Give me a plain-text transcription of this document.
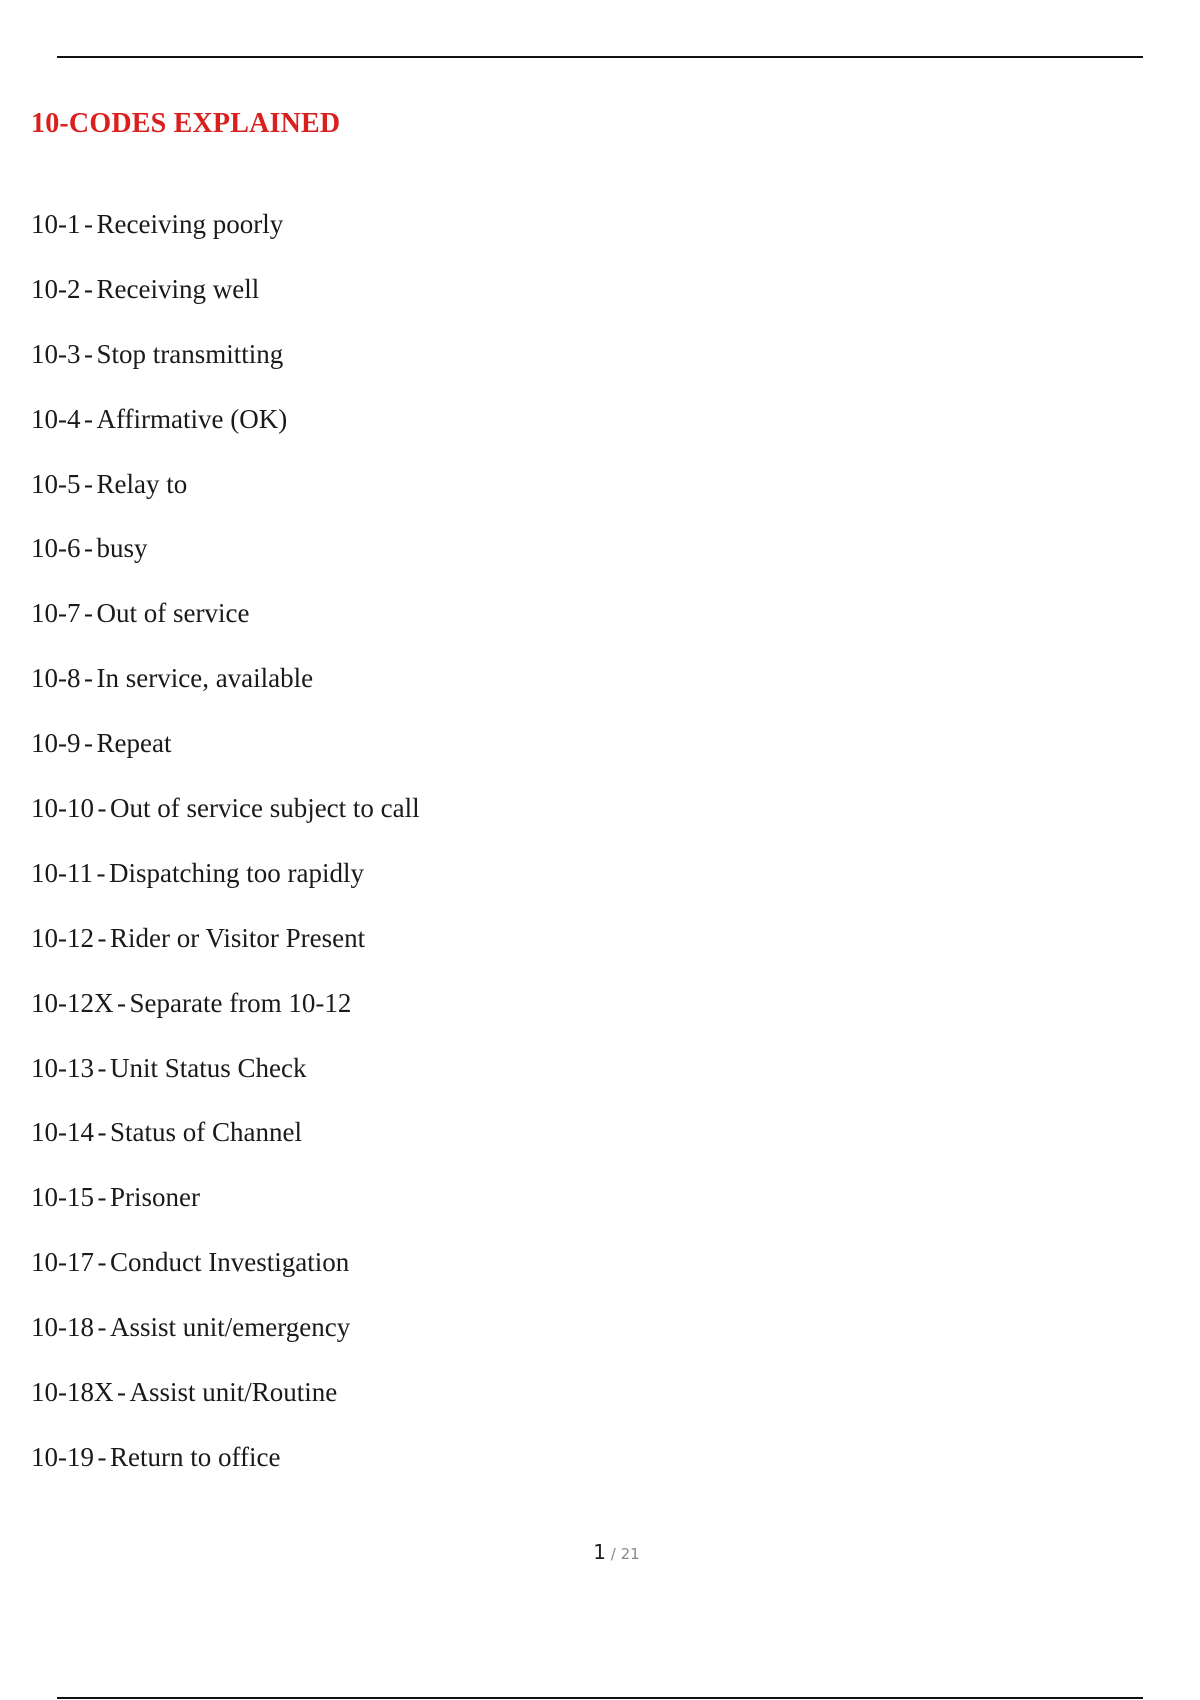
10-CODES EXPLAINED
10-1-Receiving poorly
10-2-Receiving well
10-3-Stop transmitting
10-4-Affirmative (OK)
10-5-Relay to
10-6-busy
10-7-Out of service
10-8-In service, available
10-9-Repeat
10-10-Out of service subject to call
10-11-Dispatching too rapidly
10-12-Rider or Visitor Present
10-12X-Separate from 10-12
10-13-Unit Status Check
10-14-Status of Channel
10-15-Prisoner
10-17-Conduct Investigation
10-18-Assist unit/emergency
10-18X-Assist unit/Routine
10-19-Return to office
1 / 21
